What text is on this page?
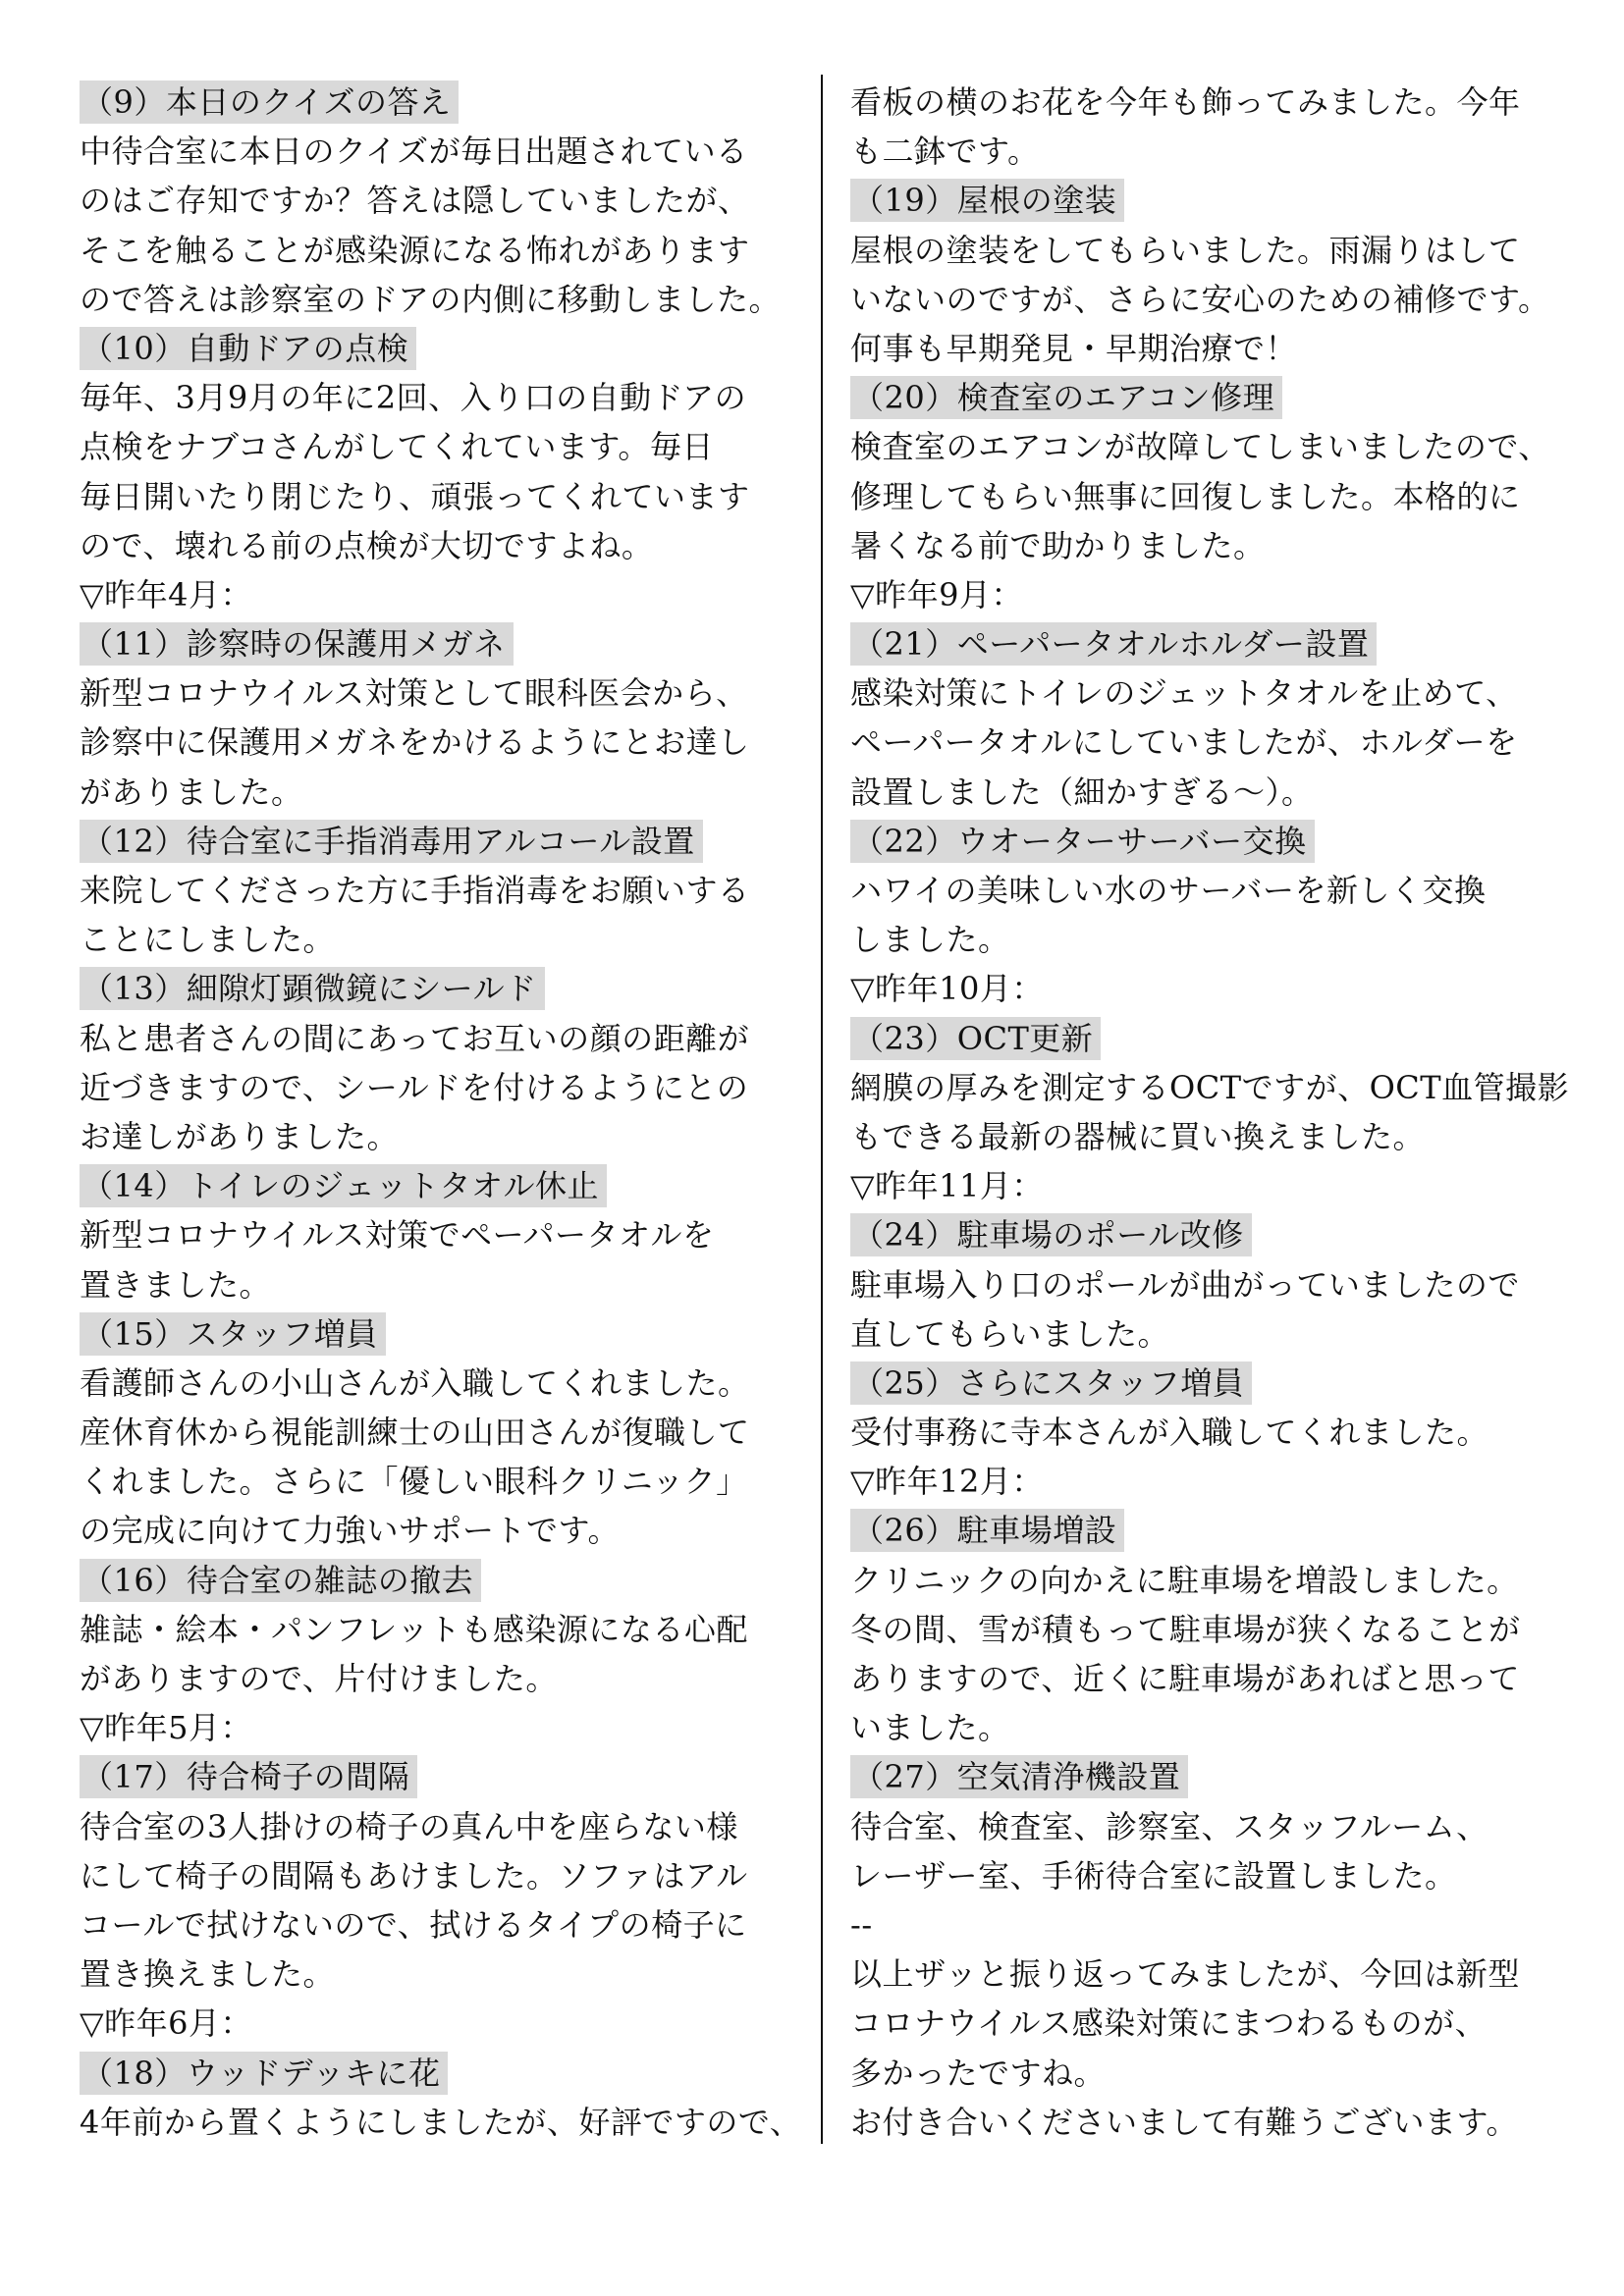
（9）本日のクイズの答え
中待合室に本日のクイズが毎日出題されている
のはご存知ですか？答えは隠していましたが、
そこを触ることが感染源になる怖れがあります
ので答えは診察室のドアの内側に移動しました。
（10）自動ドアの点検
毎年、3月9月の年に2回、入り口の自動ドアの
点検をナブコさんがしてくれています。毎日
毎日開いたり閉じたり、頑張ってくれています
ので、壊れる前の点検が大切ですよね。
▽昨年4月：
（11）診察時の保護用メガネ
新型コロナウイルス対策として眼科医会から、
診察中に保護用メガネをかけるようにとお達し
がありました。
（12）待合室に手指消毒用アルコール設置
来院してくださった方に手指消毒をお願いする
ことにしました。
（13）細隙灯顕微鏡にシールド
私と患者さんの間にあってお互いの顔の距離が
近づきますので、シールドを付けるようにとの
お達しがありました。
（14）トイレのジェットタオル休止
新型コロナウイルス対策でペーパータオルを
置きました。
（15）スタッフ増員
看護師さんの小山さんが入職してくれました。
産休育休から視能訓練士の山田さんが復職して
くれました。さらに「優しい眼科クリニック」
の完成に向けて力強いサポートです。
（16）待合室の雑誌の撤去
雑誌・絵本・パンフレットも感染源になる心配
がありますので、片付けました。
▽昨年5月：
（17）待合椅子の間隔
待合室の3人掛けの椅子の真ん中を座らない様
にして椅子の間隔もあけました。ソファはアル
コールで拭けないので、拭けるタイプの椅子に
置き換えました。
▽昨年6月：
（18）ウッドデッキに花
4年前から置くようにしましたが、好評ですので、
看板の横のお花を今年も飾ってみました。今年
も二鉢です。
（19）屋根の塗装
屋根の塗装をしてもらいました。雨漏りはして
いないのですが、さらに安心のための補修です。
何事も早期発見・早期治療で！
（20）検査室のエアコン修理
検査室のエアコンが故障してしまいましたので、
修理してもらい無事に回復しました。本格的に
暑くなる前で助かりました。
▽昨年9月：
（21）ペーパータオルホルダー設置
感染対策にトイレのジェットタオルを止めて、
ペーパータオルにしていましたが、ホルダーを
設置しました（細かすぎる～）。
（22）ウオーターサーバー交換
ハワイの美味しい水のサーバーを新しく交換
しました。
▽昨年10月：
（23）OCT更新
網膜の厚みを測定するOCTですが、OCT血管撮影
もできる最新の器械に買い換えました。
▽昨年11月：
（24）駐車場のポール改修
駐車場入り口のポールが曲がっていましたので
直してもらいました。
（25）さらにスタッフ増員
受付事務に寺本さんが入職してくれました。
▽昨年12月：
（26）駐車場増設
クリニックの向かえに駐車場を増設しました。
冬の間、雪が積もって駐車場が狭くなることが
ありますので、近くに駐車場があればと思って
いました。
（27）空気清浄機設置
待合室、検査室、診察室、スタッフルーム、
レーザー室、手術待合室に設置しました。
--
以上ザッと振り返ってみましたが、今回は新型
コロナウイルス感染対策にまつわるものが、
多かったですね。
お付き合いくださいまして有難うございます。
